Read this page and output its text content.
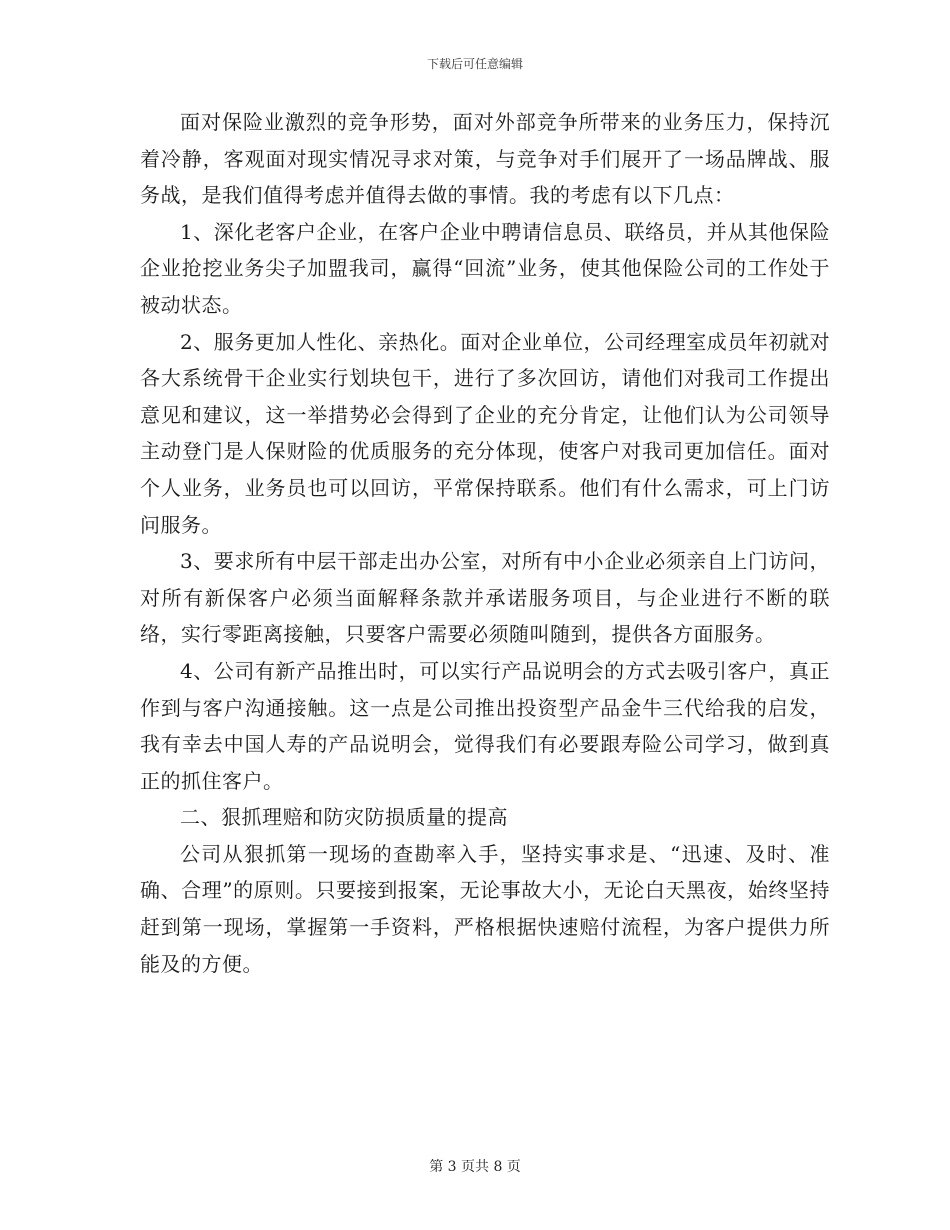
下载后可任意编辑

面对保险业激烈的竞争形势，面对外部竞争所带来的业务压力，保持沉着冷静，客观面对现实情况寻求对策，与竞争对手们展开了一场品牌战、服务战，是我们值得考虑并值得去做的事情。我的考虑有以下几点：

1、深化老客户企业，在客户企业中聘请信息员、联络员，并从其他保险企业抢挖业务尖子加盟我司，赢得“回流”业务，使其他保险公司的工作处于被动状态。

2、服务更加人性化、亲热化。面对企业单位，公司经理室成员年初就对各大系统骨干企业实行划块包干，进行了多次回访，请他们对我司工作提出意见和建议，这一举措势必会得到了企业的充分肯定，让他们认为公司领导主动登门是人保财险的优质服务的充分体现，使客户对我司更加信任。面对个人业务，业务员也可以回访，平常保持联系。他们有什么需求，可上门访问服务。

3、要求所有中层干部走出办公室，对所有中小企业必须亲自上门访问，对所有新保客户必须当面解释条款并承诺服务项目，与企业进行不断的联络，实行零距离接触，只要客户需要必须随叫随到，提供各方面服务。

4、公司有新产品推出时，可以实行产品说明会的方式去吸引客户，真正作到与客户沟通接触。这一点是公司推出投资型产品金牛三代给我的启发，我有幸去中国人寿的产品说明会，觉得我们有必要跟寿险公司学习，做到真正的抓住客户。

二、狠抓理赔和防灾防损质量的提高

公司从狠抓第一现场的查勘率入手，坚持实事求是、“迅速、及时、准确、合理”的原则。只要接到报案，无论事故大小，无论白天黑夜，始终坚持赶到第一现场，掌握第一手资料，严格根据快速赔付流程，为客户提供力所能及的方便。

第 3 页共 8 页
